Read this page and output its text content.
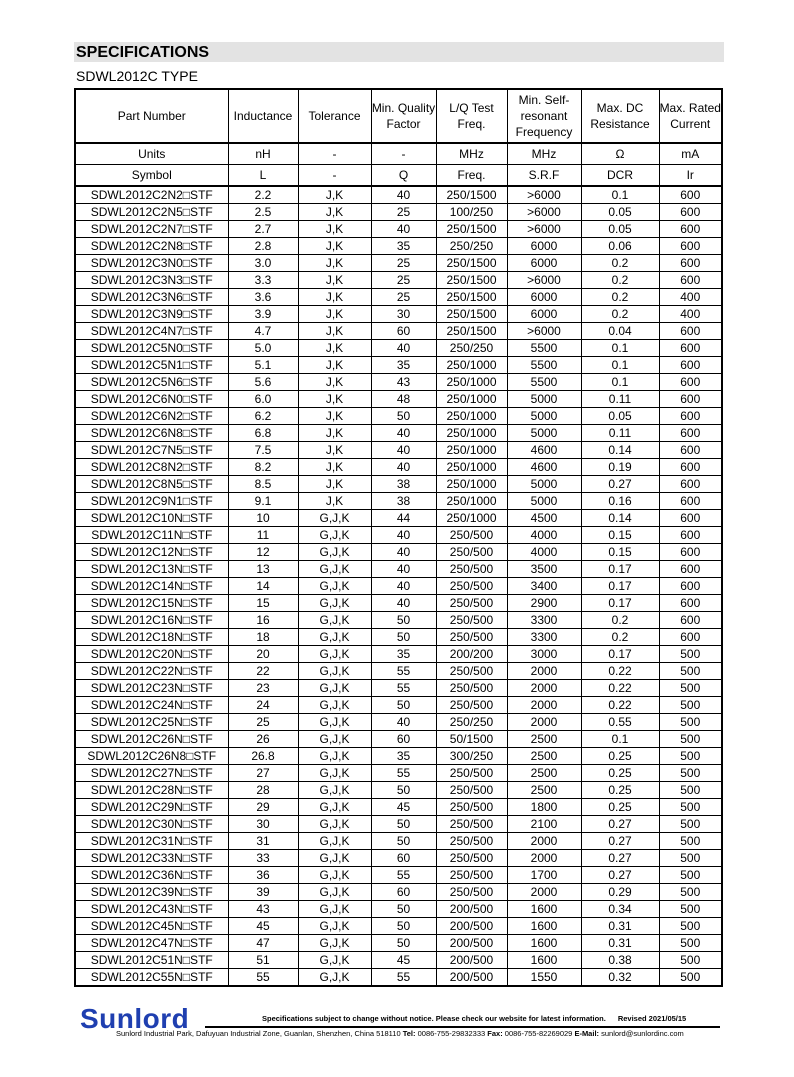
SPECIFICATIONS
SDWL2012C TYPE
Part Number	Inductance	Tolerance	Min. Quality Factor	L/Q Test Freq.	Min. Self-resonant Frequency	Max. DC Resistance	Max. Rated Current
Units	nH	-	-	MHz	MHz	Ω	mA
Symbol	L	-	Q	Freq.	S.R.F	DCR	Ir
SDWL2012C2N2□STF	2.2	J,K	40	250/1500	>6000	0.1	600
SDWL2012C2N5□STF	2.5	J,K	25	100/250	>6000	0.05	600
SDWL2012C2N7□STF	2.7	J,K	40	250/1500	>6000	0.05	600
SDWL2012C2N8□STF	2.8	J,K	35	250/250	6000	0.06	600
SDWL2012C3N0□STF	3.0	J,K	25	250/1500	6000	0.2	600
SDWL2012C3N3□STF	3.3	J,K	25	250/1500	>6000	0.2	600
SDWL2012C3N6□STF	3.6	J,K	25	250/1500	6000	0.2	400
SDWL2012C3N9□STF	3.9	J,K	30	250/1500	6000	0.2	400
SDWL2012C4N7□STF	4.7	J,K	60	250/1500	>6000	0.04	600
SDWL2012C5N0□STF	5.0	J,K	40	250/250	5500	0.1	600
SDWL2012C5N1□STF	5.1	J,K	35	250/1000	5500	0.1	600
SDWL2012C5N6□STF	5.6	J,K	43	250/1000	5500	0.1	600
SDWL2012C6N0□STF	6.0	J,K	48	250/1000	5000	0.11	600
SDWL2012C6N2□STF	6.2	J,K	50	250/1000	5000	0.05	600
SDWL2012C6N8□STF	6.8	J,K	40	250/1000	5000	0.11	600
SDWL2012C7N5□STF	7.5	J,K	40	250/1000	4600	0.14	600
SDWL2012C8N2□STF	8.2	J,K	40	250/1000	4600	0.19	600
SDWL2012C8N5□STF	8.5	J,K	38	250/1000	5000	0.27	600
SDWL2012C9N1□STF	9.1	J,K	38	250/1000	5000	0.16	600
SDWL2012C10N□STF	10	G,J,K	44	250/1000	4500	0.14	600
SDWL2012C11N□STF	11	G,J,K	40	250/500	4000	0.15	600
SDWL2012C12N□STF	12	G,J,K	40	250/500	4000	0.15	600
SDWL2012C13N□STF	13	G,J,K	40	250/500	3500	0.17	600
SDWL2012C14N□STF	14	G,J,K	40	250/500	3400	0.17	600
SDWL2012C15N□STF	15	G,J,K	40	250/500	2900	0.17	600
SDWL2012C16N□STF	16	G,J,K	50	250/500	3300	0.2	600
SDWL2012C18N□STF	18	G,J,K	50	250/500	3300	0.2	600
SDWL2012C20N□STF	20	G,J,K	35	200/200	3000	0.17	500
SDWL2012C22N□STF	22	G,J,K	55	250/500	2000	0.22	500
SDWL2012C23N□STF	23	G,J,K	55	250/500	2000	0.22	500
SDWL2012C24N□STF	24	G,J,K	50	250/500	2000	0.22	500
SDWL2012C25N□STF	25	G,J,K	40	250/250	2000	0.55	500
SDWL2012C26N□STF	26	G,J,K	60	50/1500	2500	0.1	500
SDWL2012C26N8□STF	26.8	G,J,K	35	300/250	2500	0.25	500
SDWL2012C27N□STF	27	G,J,K	55	250/500	2500	0.25	500
SDWL2012C28N□STF	28	G,J,K	50	250/500	2500	0.25	500
SDWL2012C29N□STF	29	G,J,K	45	250/500	1800	0.25	500
SDWL2012C30N□STF	30	G,J,K	50	250/500	2100	0.27	500
SDWL2012C31N□STF	31	G,J,K	50	250/500	2000	0.27	500
SDWL2012C33N□STF	33	G,J,K	60	250/500	2000	0.27	500
SDWL2012C36N□STF	36	G,J,K	55	250/500	1700	0.27	500
SDWL2012C39N□STF	39	G,J,K	60	250/500	2000	0.29	500
SDWL2012C43N□STF	43	G,J,K	50	200/500	1600	0.34	500
SDWL2012C45N□STF	45	G,J,K	50	200/500	1600	0.31	500
SDWL2012C47N□STF	47	G,J,K	50	200/500	1600	0.31	500
SDWL2012C51N□STF	51	G,J,K	45	200/500	1600	0.38	500
SDWL2012C55N□STF	55	G,J,K	55	200/500	1550	0.32	500
Sunlord	Specifications subject to change without notice. Please check our website for latest information. Revised 2021/05/15
Sunlord Industrial Park, Dafuyuan Industrial Zone, Guanlan, Shenzhen, China 518110 Tel: 0086-755-29832333 Fax: 0086-755-82269029 E-Mail: sunlord@sunlordinc.com
